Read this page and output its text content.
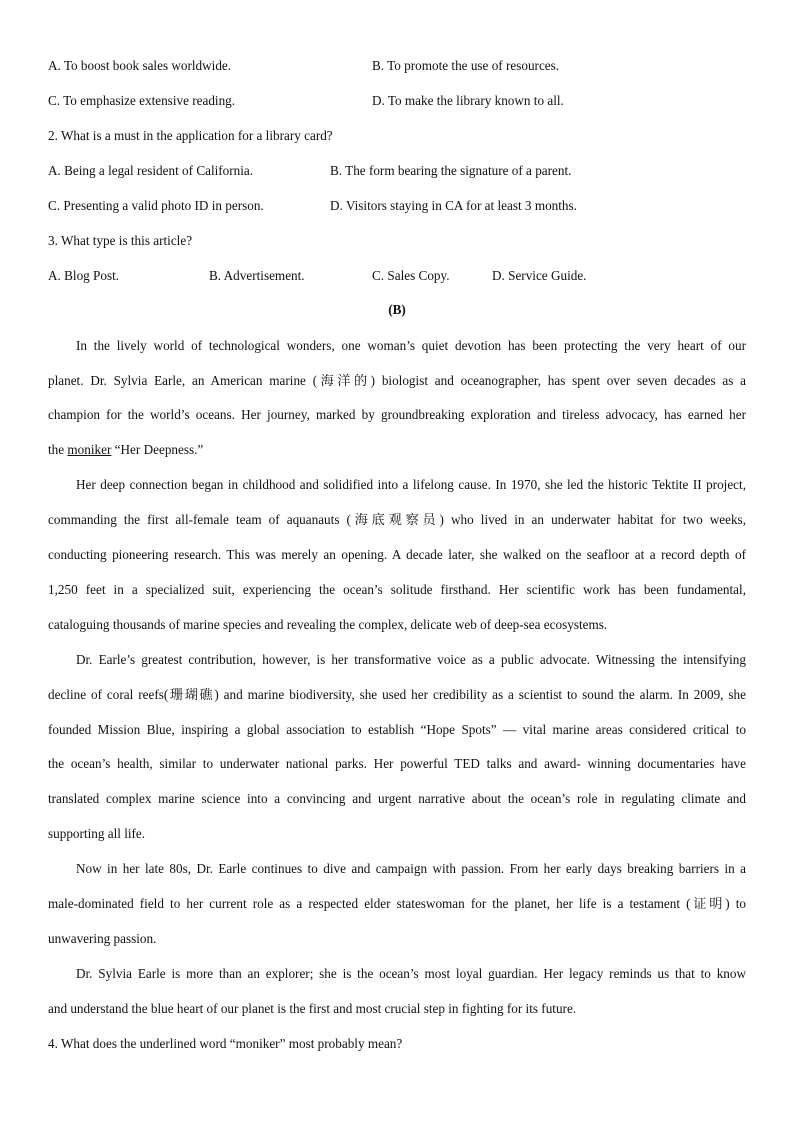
A. To boost book sales worldwide.	B. To promote the use of resources.
C. To emphasize extensive reading.	D. To make the library known to all.
2. What is a must in the application for a library card?
A. Being a legal resident of California.	B. The form bearing the signature of a parent.
C. Presenting a valid photo ID in person.	D. Visitors staying in CA for at least 3 months.
3. What type is this article?
A. Blog Post.	B. Advertisement.	C. Sales Copy.	D. Service Guide.
(B)
In the lively world of technological wonders, one woman’s quiet devotion has been protecting the very heart of our
planet. Dr. Sylvia Earle, an American marine (海洋的) biologist and oceanographer, has spent over seven decades as a
champion for the world’s oceans. Her journey, marked by groundbreaking exploration and tireless advocacy, has earned her
the moniker “Her Deepness.”
Her deep connection began in childhood and solidified into a lifelong cause. In 1970, she led the historic Tektite II project,
commanding the first all-female team of aquanauts (海底观察员) who lived in an underwater habitat for two weeks,
conducting pioneering research. This was merely an opening. A decade later, she walked on the seafloor at a record depth of
1,250 feet in a specialized suit, experiencing the ocean’s solitude firsthand. Her scientific work has been fundamental,
cataloguing thousands of marine species and revealing the complex, delicate web of deep-sea ecosystems.
Dr. Earle’s greatest contribution, however, is her transformative voice as a public advocate. Witnessing the intensifying
decline of coral reefs(珊瑚礁) and marine biodiversity, she used her credibility as a scientist to sound the alarm. In 2009, she
founded Mission Blue, inspiring a global association to establish “Hope Spots” — vital marine areas considered critical to
the ocean’s health, similar to underwater national parks. Her powerful TED talks and award- winning documentaries have
translated complex marine science into a convincing and urgent narrative about the ocean’s role in regulating climate and
supporting all life.
Now in her late 80s, Dr. Earle continues to dive and campaign with passion. From her early days breaking barriers in a
male-dominated field to her current role as a respected elder stateswoman for the planet, her life is a testament (证明) to
unwavering passion.
Dr. Sylvia Earle is more than an explorer; she is the ocean’s most loyal guardian. Her legacy reminds us that to know
and understand the blue heart of our planet is the first and most crucial step in fighting for its future.
4. What does the underlined word “moniker” most probably mean?
